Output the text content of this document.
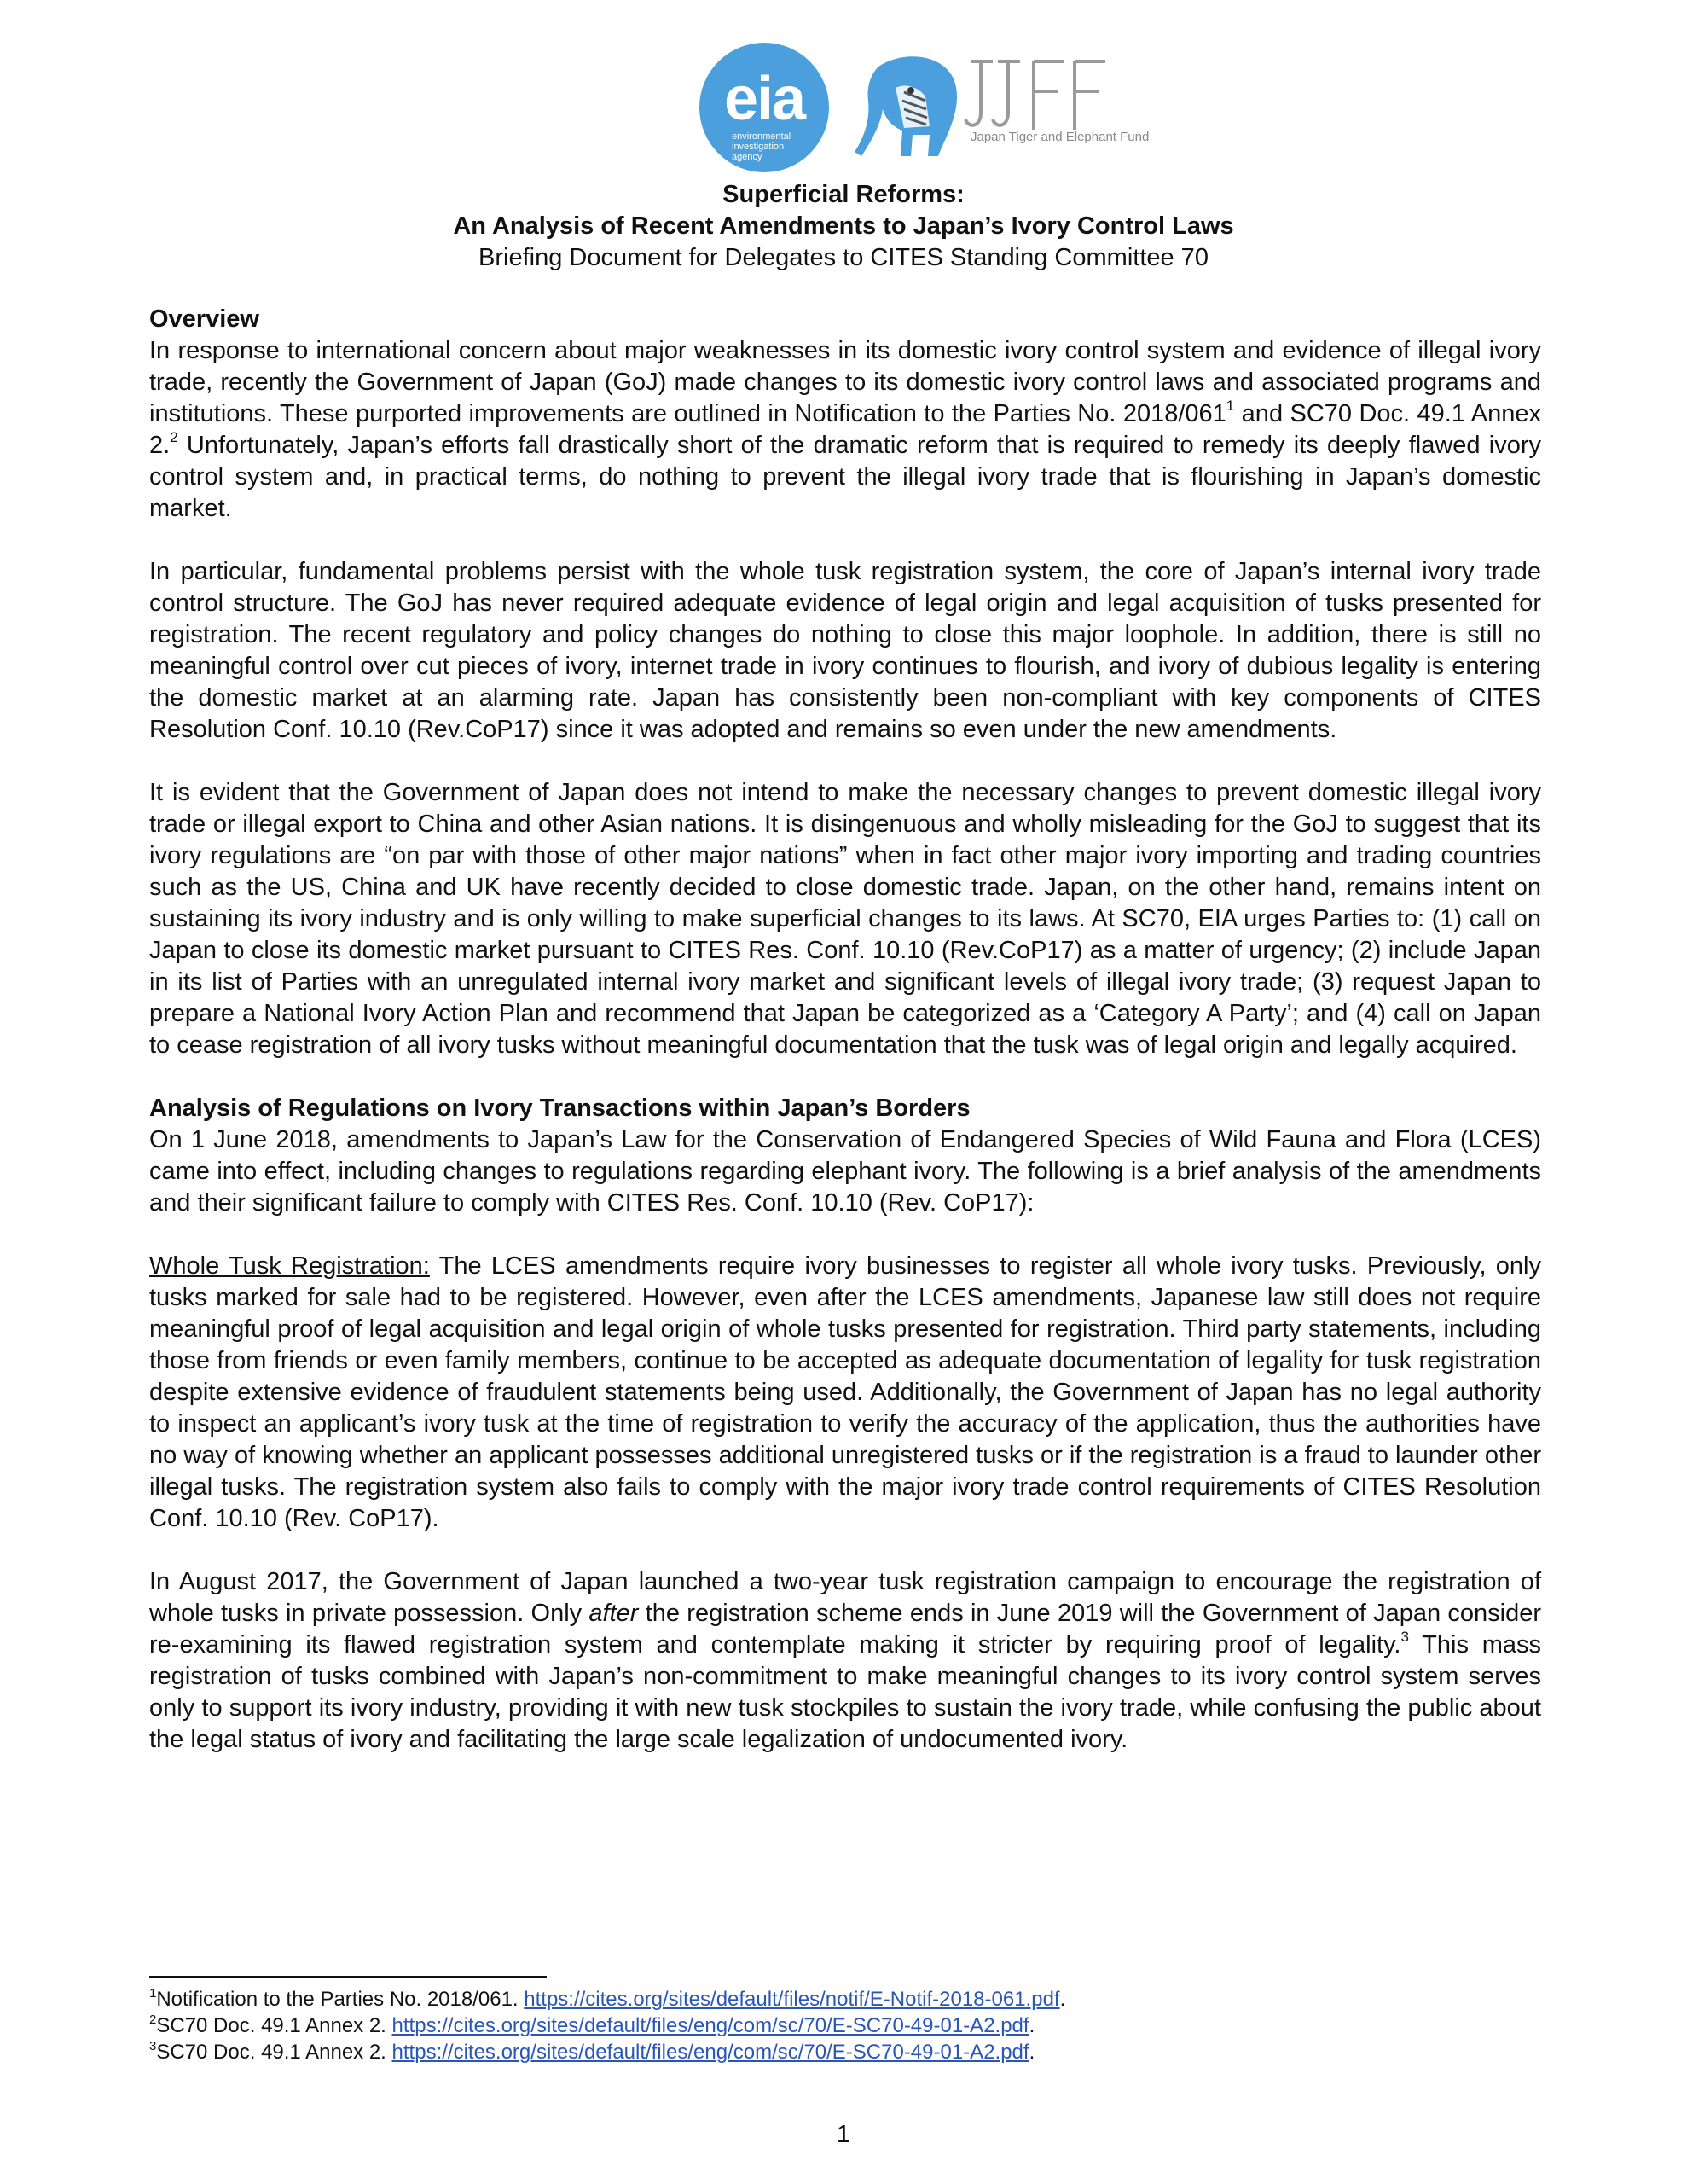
eia
environmental investigation agency
JTEF
Japan Tiger and Elephant Fund
Superficial Reforms:
An Analysis of Recent Amendments to Japan’s Ivory Control Laws
Briefing Document for Delegates to CITES Standing Committee 70
Overview

In response to international concern about major weaknesses in its domestic ivory control system and evidence of illegal ivory trade, recently the Government of Japan (GoJ) made changes to its domestic ivory control laws and associated programs and institutions. These purported improvements are outlined in Notification to the Parties No. $2018/061^1$ and SC70 Doc. 49.1 Annex 2.$^2$ Unfortunately, Japan’s efforts fall drastically short of the dramatic reform that is required to remedy its deeply flawed ivory control system and, in practical terms, do nothing to prevent the illegal ivory trade that is flourishing in Japan’s domestic market.

In particular, fundamental problems persist with the whole tusk registration system, the core of Japan’s internal ivory trade control structure. The GoJ has never required adequate evidence of legal origin and legal acquisition of tusks presented for registration. The recent regulatory and policy changes do nothing to close this major loophole. In addition, there is still no meaningful control over cut pieces of ivory, internet trade in ivory continues to flourish, and ivory of dubious legality is entering the domestic market at an alarming rate. Japan has consistently been non-compliant with key components of CITES Resolution Conf. 10.10 (Rev.CoP17) since it was adopted and remains so even under the new amendments.

It is evident that the Government of Japan does not intend to make the necessary changes to prevent domestic illegal ivory trade or illegal export to China and other Asian nations. It is disingenuous and wholly misleading for the GoJ to suggest that its ivory regulations are “on par with those of other major nations” when in fact other major ivory importing and trading countries such as the US, China and UK have recently decided to close domestic trade. Japan, on the other hand, remains intent on sustaining its ivory industry and is only willing to make superficial changes to its laws. At SC70, EIA urges Parties to: (1) call on Japan to close its domestic market pursuant to CITES Res. Conf. 10.10 (Rev.CoP17) as a matter of urgency; (2) include Japan in its list of Parties with an unregulated internal ivory market and significant levels of illegal ivory trade; (3) request Japan to prepare a National Ivory Action Plan and recommend that Japan be categorized as a ‘Category A Party’; and (4) call on Japan to cease registration of all ivory tusks without meaningful documentation that the tusk was of legal origin and legally acquired.

Analysis of Regulations on Ivory Transactions within Japan’s Borders

On 1 June 2018, amendments to Japan’s Law for the Conservation of Endangered Species of Wild Fauna and Flora (LCES) came into effect, including changes to regulations regarding elephant ivory. The following is a brief analysis of the amendments and their significant failure to comply with CITES Res. Conf. 10.10 (Rev. CoP17):

Whole Tusk Registration: The LCES amendments require ivory businesses to register all whole ivory tusks. Previously, only tusks marked for sale had to be registered. However, even after the LCES amendments, Japanese law still does not require meaningful proof of legal acquisition and legal origin of whole tusks presented for registration. Third party statements, including those from friends or even family members, continue to be accepted as adequate documentation of legality for tusk registration despite extensive evidence of fraudulent statements being used. Additionally, the Government of Japan has no legal authority to inspect an applicant’s ivory tusk at the time of registration to verify the accuracy of the application, thus the authorities have no way of knowing whether an applicant possesses additional unregistered tusks or if the registration is a fraud to launder other illegal tusks. The registration system also fails to comply with the major ivory trade control requirements of CITES Resolution Conf. 10.10 (Rev. CoP17).

In August 2017, the Government of Japan launched a two-year tusk registration campaign to encourage the registration of whole tusks in private possession. Only after the registration scheme ends in June 2019 will the Government of Japan consider re-examining its flawed registration system and contemplate making it stricter by requiring proof of legality.$^3$ This mass registration of tusks combined with Japan’s non-commitment to make meaningful changes to its ivory control system serves only to support its ivory industry, providing it with new tusk stockpiles to sustain the ivory trade, while confusing the public about the legal status of ivory and facilitating the large scale legalization of undocumented ivory.

$^1$Notification to the Parties No. 2018/061. https://cites.org/sites/default/files/notif/E-Notif-2018-061.pdf.

$^2$SC70 Doc. 49.1 Annex 2. https://cites.org/sites/default/files/eng/com/sc/70/E-SC70-49-01-A2.pdf.

$^3$SC70 Doc. 49.1 Annex 2. https://cites.org/sites/default/files/eng/com/sc/70/E-SC70-49-01-A2.pdf.

1
